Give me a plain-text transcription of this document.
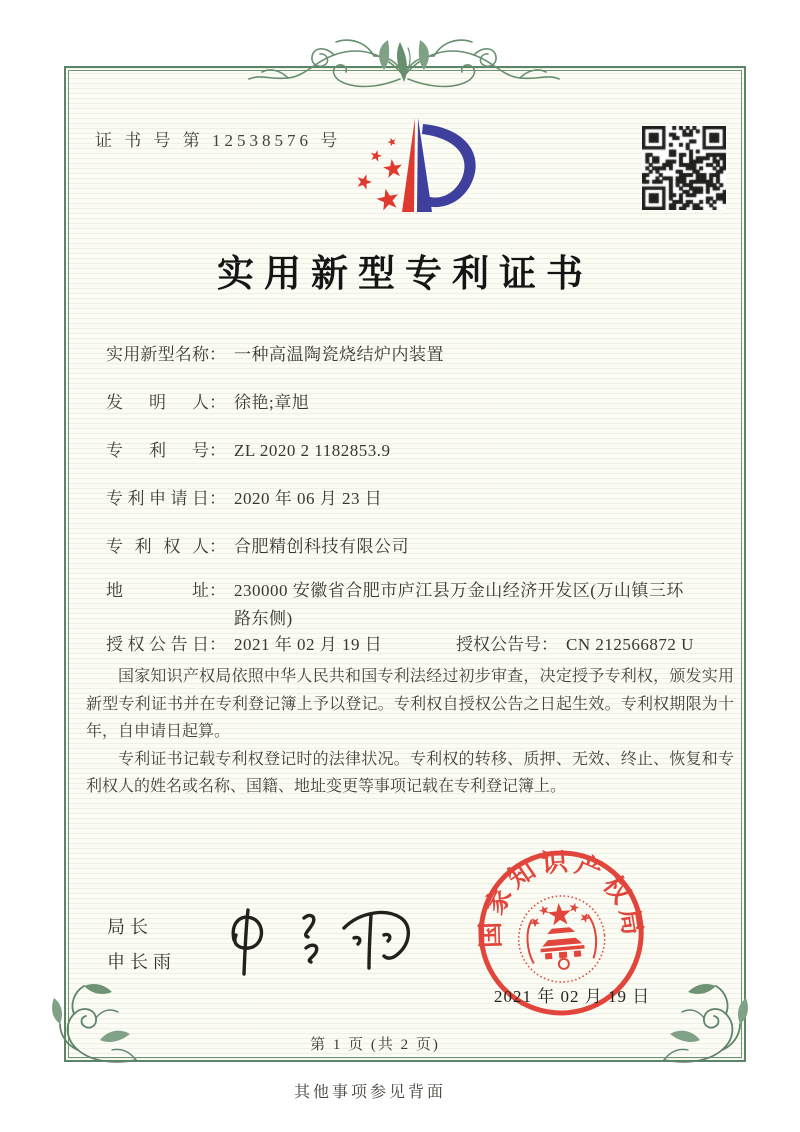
证 书 号 第 12538576 号
实用新型专利证书
实用新型名称： 一种高温陶瓷烧结炉内装置
发明人： 徐艳;章旭
专利号： ZL 2020 2 1182853.9
专利申请日： 2020 年 06 月 23 日
专利权人： 合肥精创科技有限公司
地址： 230000 安徽省合肥市庐江县万金山经济开发区(万山镇三环路东侧)
授权公告日： 2021 年 02 月 19 日	授权公告号： CN 212566872 U

国家知识产权局依照中华人民共和国专利法经过初步审查，决定授予专利权，颁发实用新型专利证书并在专利登记簿上予以登记。专利权自授权公告之日起生效。专利权期限为十年，自申请日起算。

专利证书记载专利权登记时的法律状况。专利权的转移、质押、无效、终止、恢复和专利权人的姓名或名称、国籍、地址变更等事项记载在专利登记簿上。

局长
申长雨
国家知识产权局
2021 年 02 月 19 日
第 1 页 (共 2 页)
其他事项参见背面
